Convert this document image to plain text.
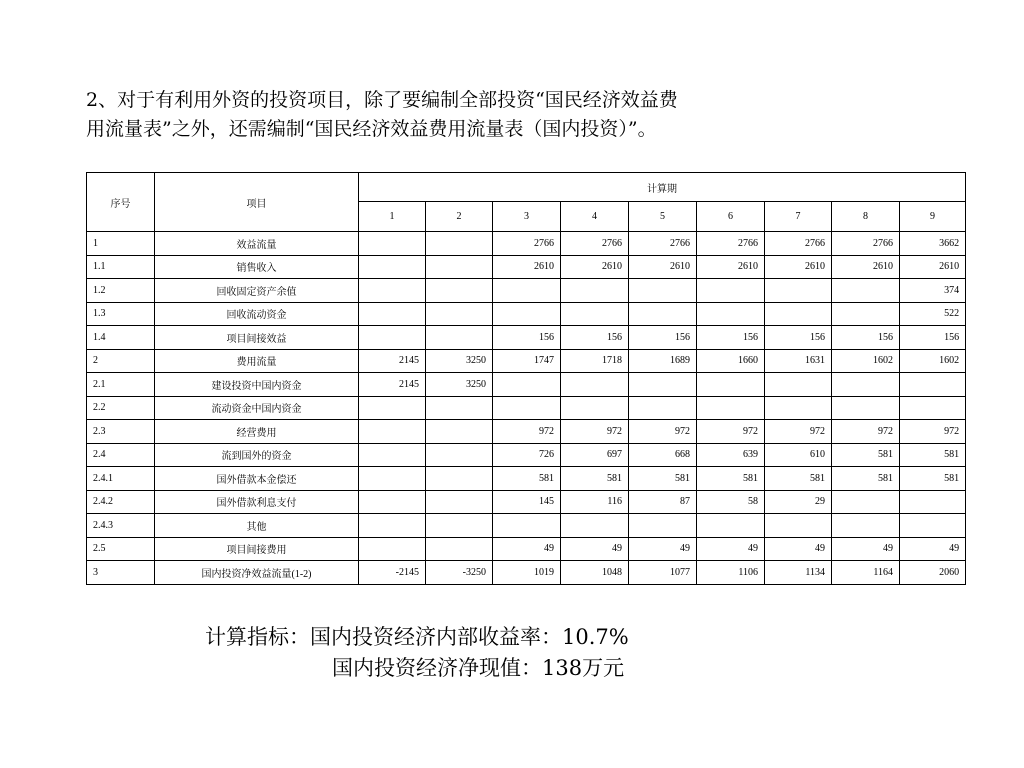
2、对于有利用外资的投资项目，除了要编制全部投资“国民经济效益费
用流量表”之外，还需编制“国民经济效益费用流量表（国内投资）”。
序号	项目	计算期								
		1	2	3	4	5	6	7	8	9
1	效益流量			2766	2766	2766	2766	2766	2766	3662
1.1	销售收入			2610	2610	2610	2610	2610	2610	2610
1.2	回收固定资产余值									374
1.3	回收流动资金									522
1.4	项目间接效益			156	156	156	156	156	156	156
2	费用流量	2145	3250	1747	1718	1689	1660	1631	1602	1602
2.1	建设投资中国内资金	2145	3250							
2.2	流动资金中国内资金									
2.3	经营费用			972	972	972	972	972	972	972
2.4	流到国外的资金			726	697	668	639	610	581	581
2.4.1	国外借款本金偿还			581	581	581	581	581	581	581
2.4.2	国外借款利息支付			145	116	87	58	29		
2.4.3	其他									
2.5	项目间接费用			49	49	49	49	49	49	49
3	国内投资净效益流量(1-2)	-2145	-3250	1019	1048	1077	1106	1134	1164	2060
计算指标：国内投资经济内部收益率：10.7%
国内投资经济净现值：138万元
